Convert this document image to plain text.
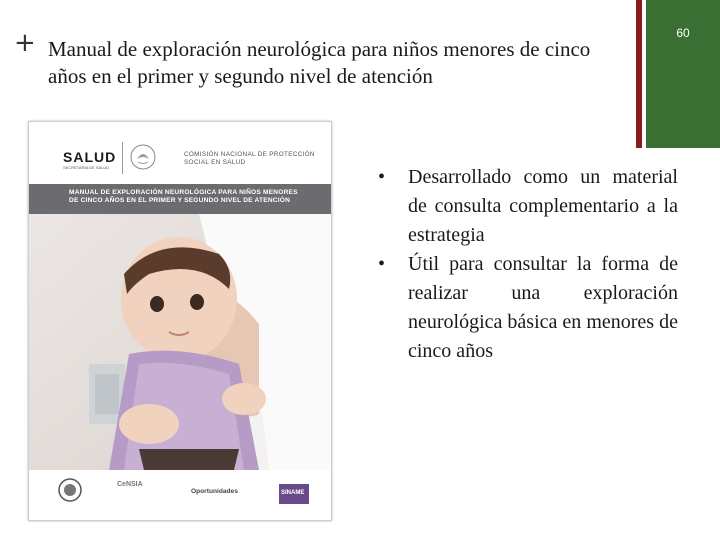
+ Manual de exploración neurológica para niños menores de cinco años en el primer y segundo nivel de atención
60
SALUD
SECRETARÍA DE SALUD
COMISIÓN NACIONAL DE PROTECCIÓN SOCIAL EN SALUD
MANUAL DE EXPLORACIÓN NEUROLÓGICA PARA NIÑOS MENORES DE CINCO AÑOS EN EL PRIMER Y SEGUNDO NIVEL DE ATENCIÓN
CeNSIA
Oportunidades	SINAME
•	Desarrollado como un material de consulta complementario a la estrategia
•	Útil para consultar la forma de realizar una exploración neurológica básica en menores de cinco años
